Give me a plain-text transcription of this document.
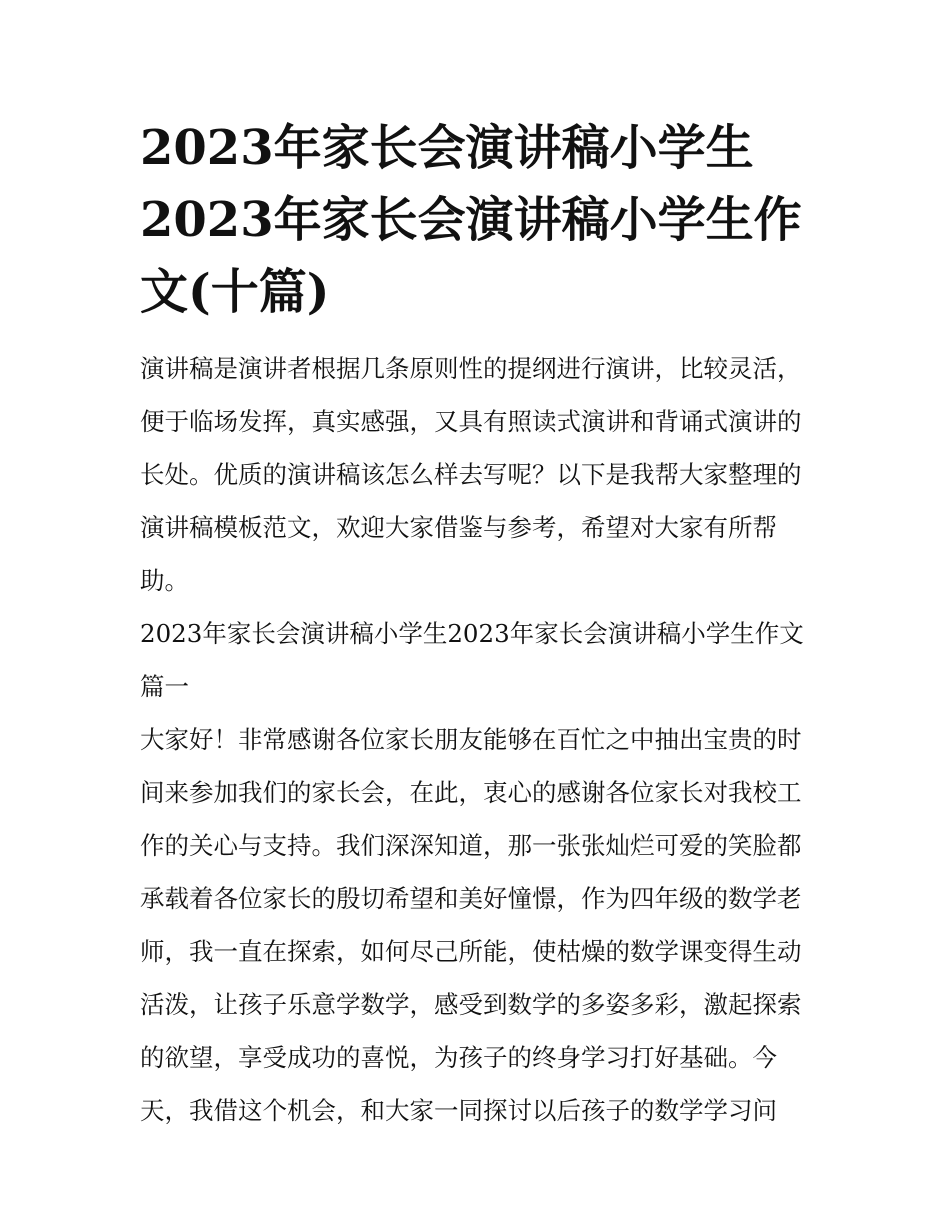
2023年家长会演讲稿小学生
2023年家长会演讲稿小学生作
文(十篇)

演讲稿是演讲者根据几条原则性的提纲进行演讲，比较灵活，
便于临场发挥，真实感强，又具有照读式演讲和背诵式演讲的
长处。优质的演讲稿该怎么样去写呢？以下是我帮大家整理的
演讲稿模板范文，欢迎大家借鉴与参考，希望对大家有所帮
助。

2023年家长会演讲稿小学生2023年家长会演讲稿小学生作文
篇一

大家好！非常感谢各位家长朋友能够在百忙之中抽出宝贵的时
间来参加我们的家长会，在此，衷心的感谢各位家长对我校工
作的关心与支持。我们深深知道，那一张张灿烂可爱的笑脸都
承载着各位家长的殷切希望和美好憧憬，作为四年级的数学老
师，我一直在探索，如何尽己所能，使枯燥的数学课变得生动
活泼，让孩子乐意学数学，感受到数学的多姿多彩，激起探索
的欲望，享受成功的喜悦，为孩子的终身学习打好基础。今
天，我借这个机会，和大家一同探讨以后孩子的数学学习问
